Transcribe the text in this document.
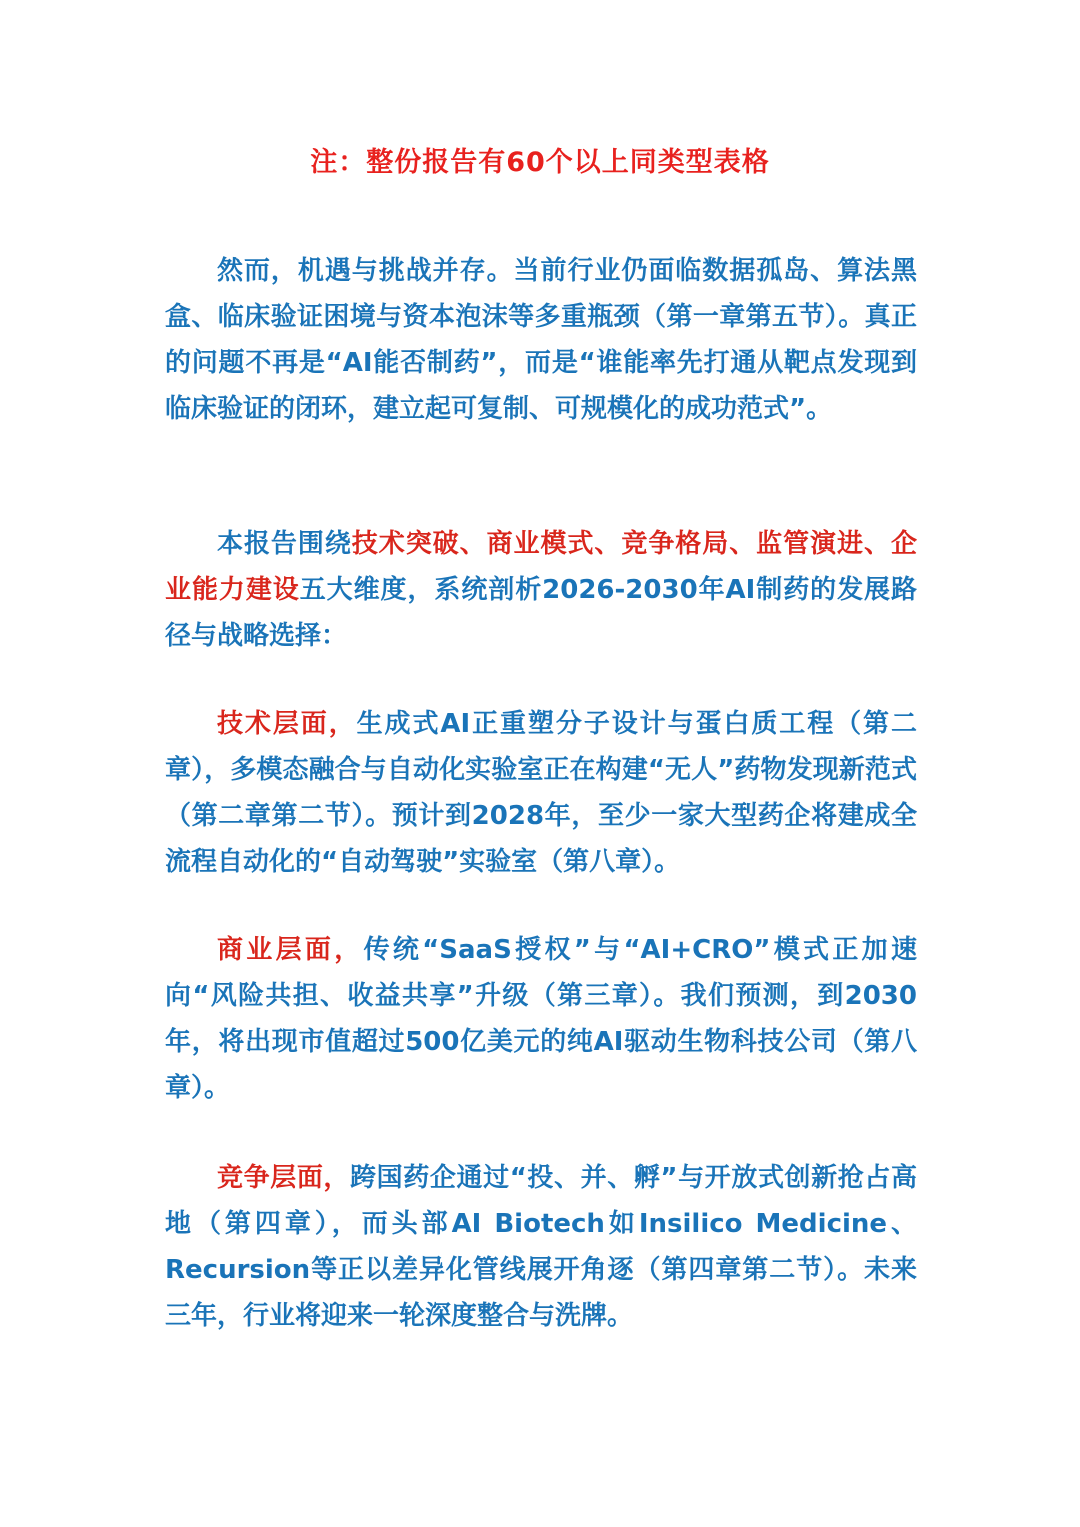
注：整份报告有60个以上同类型表格

然而，机遇与挑战并存。当前行业仍面临数据孤岛、算法黑盒、临床验证困境与资本泡沫等多重瓶颈（第一章第五节）。真正的问题不再是“AI能否制药”，而是“谁能率先打通从靶点发现到临床验证的闭环，建立起可复制、可规模化的成功范式”。

本报告围绕技术突破、商业模式、竞争格局、监管演进、企业能力建设五大维度，系统剖析2026-2030年AI制药的发展路径与战略选择：

技术层面，生成式AI正重塑分子设计与蛋白质工程（第二章），多模态融合与自动化实验室正在构建“无人”药物发现新范式（第二章第二节）。预计到2028年，至少一家大型药企将建成全流程自动化的“自动驾驶”实验室（第八章）。

商业层面，传统“SaaS授权”与“AI+CRO”模式正加速向“风险共担、收益共享”升级（第三章）。我们预测，到2030年，将出现市值超过500亿美元的纯AI驱动生物科技公司（第八章）。

竞争层面，跨国药企通过“投、并、孵”与开放式创新抢占高地（第四章），而头部AI Biotech如Insilico Medicine、Recursion等正以差异化管线展开角逐（第四章第二节）。未来三年，行业将迎来一轮深度整合与洗牌。
